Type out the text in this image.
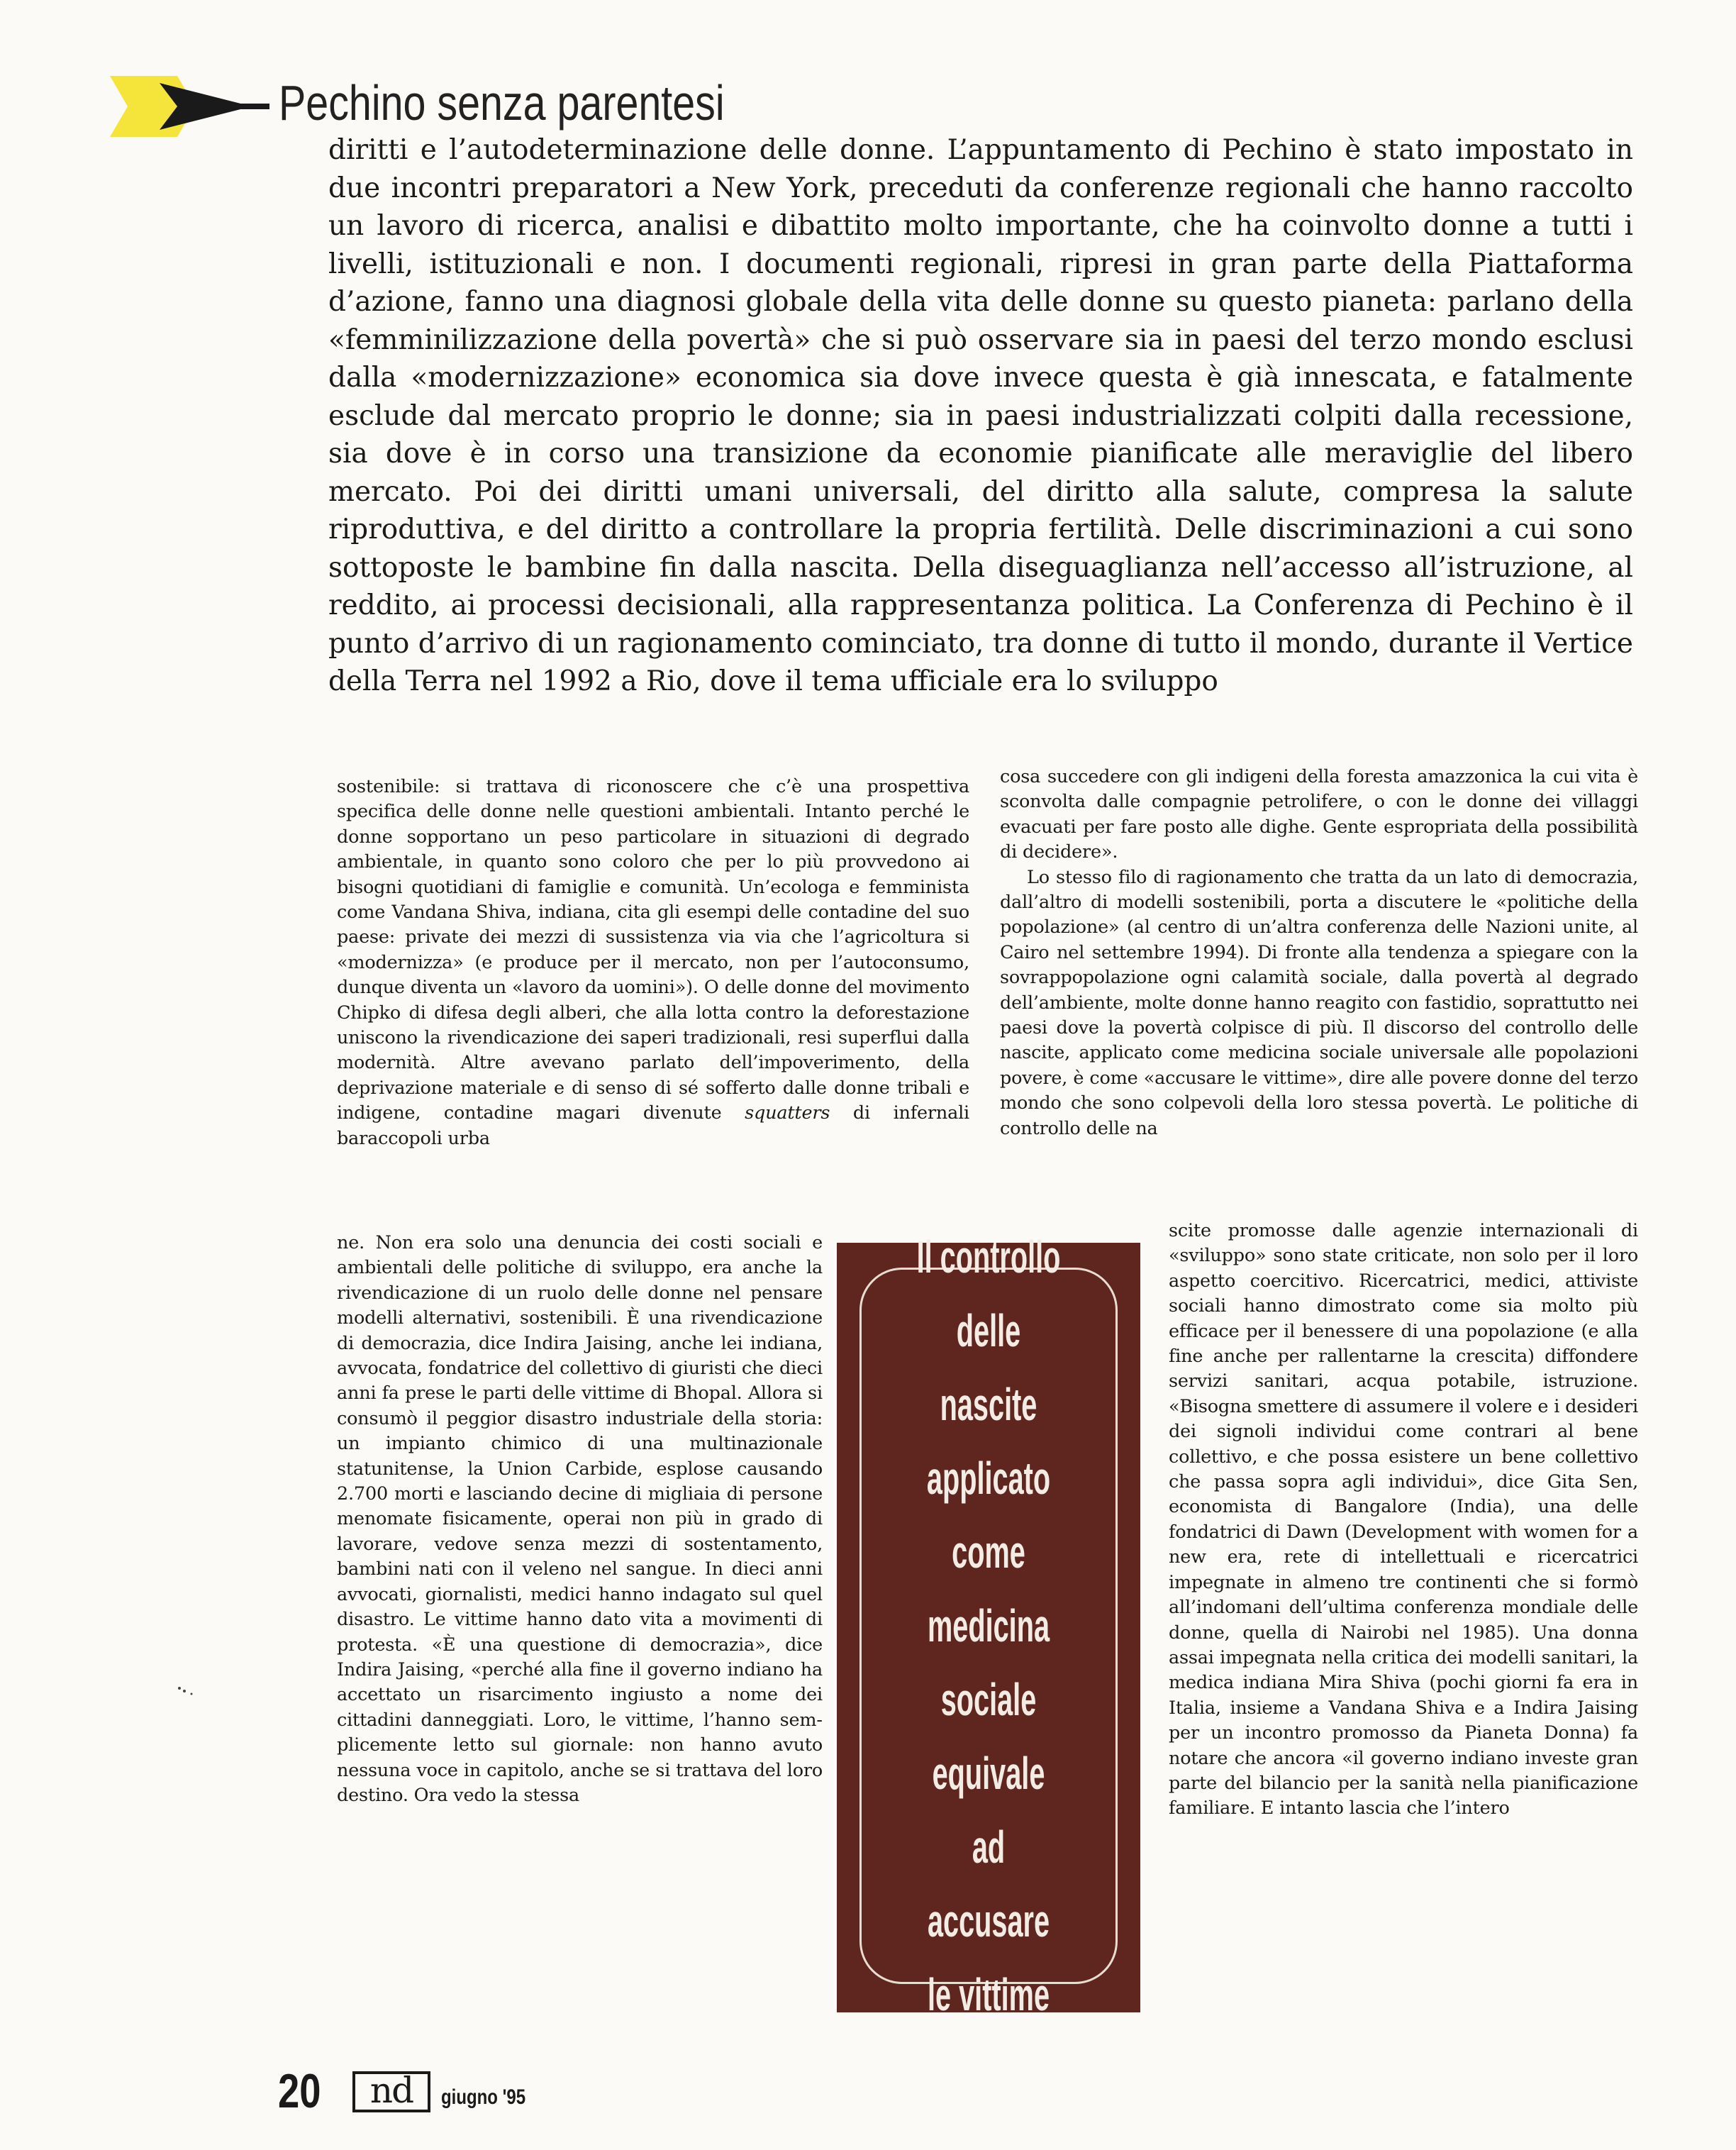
Pechino senza parentesi

diritti e l’autodeterminazione delle donne. L’appuntamento di Pechino è stato impostato in due incontri preparatori a New York, preceduti da conferenze regionali che hanno raccolto un lavoro di ricerca, analisi e dibattito molto importante, che ha coinvolto donne a tutti i livelli, istituzionali e non. I documenti regionali, ripresi in gran parte della Piattaforma d’azione, fanno una diagnosi globale della vita delle donne su questo pianeta: parlano della «femminilizzazione della povertà» che si può osservare sia in paesi del terzo mondo esclusi dalla «modernizzazione» economica sia dove invece questa è già innescata, e fatalmente esclude dal mercato proprio le donne; sia in paesi industrializzati colpiti dalla recessione, sia dove è in corso una transizione da economie pianificate alle meraviglie del libero mercato. Poi dei diritti umani universali, del diritto alla salute, compresa la salute riproduttiva, e del diritto a controllare la propria fertilità. Delle discriminazioni a cui sono sottoposte le bambine fin dalla nascita. Della diseguaglianza nell’accesso all’istruzione, al reddito, ai processi decisionali, alla rappresentanza politica. La Conferenza di Pechino è il punto d’arrivo di un ragionamento cominciato, tra donne di tutto il mondo, durante il Vertice della Terra nel 1992 a Rio, dove il tema ufficiale era lo sviluppo

sostenibile: si trattava di riconoscere che c’è una prospettiva specifica delle donne nelle questioni ambientali. Intanto perché le donne sopportano un peso particolare in situazioni di degrado ambientale, in quanto sono coloro che per lo più provvedono ai bisogni quotidiani di famiglie e comunità. Un’ecologa e femminista come Vandana Shiva, indiana, cita gli esempi delle contadine del suo paese: private dei mezzi di sussistenza via via che l’agricoltura si «modernizza» (e produce per il mercato, non per l’autoconsumo, dunque diventa un «lavoro da uomini»). O delle donne del movimento Chipko di difesa degli alberi, che alla lotta contro la deforestazione uniscono la rivendicazione dei saperi tradizionali, resi superflui dalla modernità. Altre avevano parlato dell’impoverimento, della deprivazione materiale e di senso di sé sofferto dalle donne tribali e indigene, contadine magari divenute squatters di infernali baraccopoli urba

ne. Non era solo una denuncia dei costi sociali e ambientali delle politiche di sviluppo, era anche la rivendicazione di un ruolo delle donne nel pensare modelli alternativi, sostenibili. È una rivendicazione di democrazia, dice Indira Jaising, anche lei indiana, avvocata, fondatrice del collettivo di giuristi che dieci anni fa prese le parti delle vittime di Bhopal. Allora si consumò il peggior disastro industriale della storia: un impianto chimico di una multinazionale statunitense, la Union Carbide, esplose causando 2.700 morti e lasciando decine di migliaia di persone menomate fisicamente, operai non più in grado di lavorare, vedove senza mezzi di sostentamento, bambini nati con il veleno nel sangue. In dieci anni avvocati, giornalisti, medici hanno indagato sul quel disastro. Le vittime hanno dato vita a movimenti di protesta. «È una questione di democrazia», dice Indira Jaising, «perché alla fine il governo indiano ha accettato un risarcimento ingiusto a nome dei cittadini danneggiati. Loro, le vittime, l’hanno semplicemente letto sul giornale: non hanno avuto nessuna voce in capitolo, anche se si trattava del loro destino. Ora vedo la stessa

cosa succedere con gli indigeni della foresta amazzonica la cui vita è sconvolta dalle compagnie petrolifere, o con le donne dei villaggi evacuati per fare posto alle dighe. Gente espropriata della possibilità di decidere».

Lo stesso filo di ragionamento che tratta da un lato di democrazia, dall’altro di modelli sostenibili, porta a discutere le «politiche della popolazione» (al centro di un’altra conferenza delle Nazioni unite, al Cairo nel settembre 1994). Di fronte alla tendenza a spiegare con la sovrappopolazione ogni calamità sociale, dalla povertà al degrado dell’ambiente, molte donne hanno reagito con fastidio, soprattutto nei paesi dove la povertà colpisce di più. Il discorso del controllo delle nascite, applicato come medicina sociale universale alle popolazioni povere, è come «accusare le vittime», dire alle povere donne del terzo mondo che sono colpevoli della loro stessa povertà. Le politiche di controllo delle na

scite promosse dalle agenzie internazionali di «sviluppo» sono state criticate, non solo per il loro aspetto coercitivo. Ricercatrici, medici, attiviste sociali hanno dimostrato come sia molto più efficace per il benessere di una popolazione (e alla fine anche per rallentarne la crescita) diffondere servizi sanitari, acqua potabile, istruzione. «Bisogna smettere di assumere il volere e i desideri dei signoli individui come contrari al bene collettivo, e che possa esistere un bene collettivo che passa sopra agli individui», dice Gita Sen, economista di Bangalore (India), una delle fondatrici di Dawn (Development with women for a new era, rete di intellettuali e ricercatrici impegnate in almeno tre continenti che si formò all’indomani dell’ultima conferenza mondiale delle donne, quella di Nairobi nel 1985). Una donna assai impegnata nella critica dei modelli sanitari, la medica indiana Mira Shiva (pochi giorni fa era in Italia, insieme a Vandana Shiva e a Indira Jaising per un incontro promosso da Pianeta Donna) fa notare che ancora «il governo indiano investe gran parte del bilancio per la sanità nella pianificazione familiare. E intanto lascia che l’intero

Il controllo
delle nascite
applicato
come medicina
sociale
equivale
ad accusare
le vittime
20	nd	giugno '95
